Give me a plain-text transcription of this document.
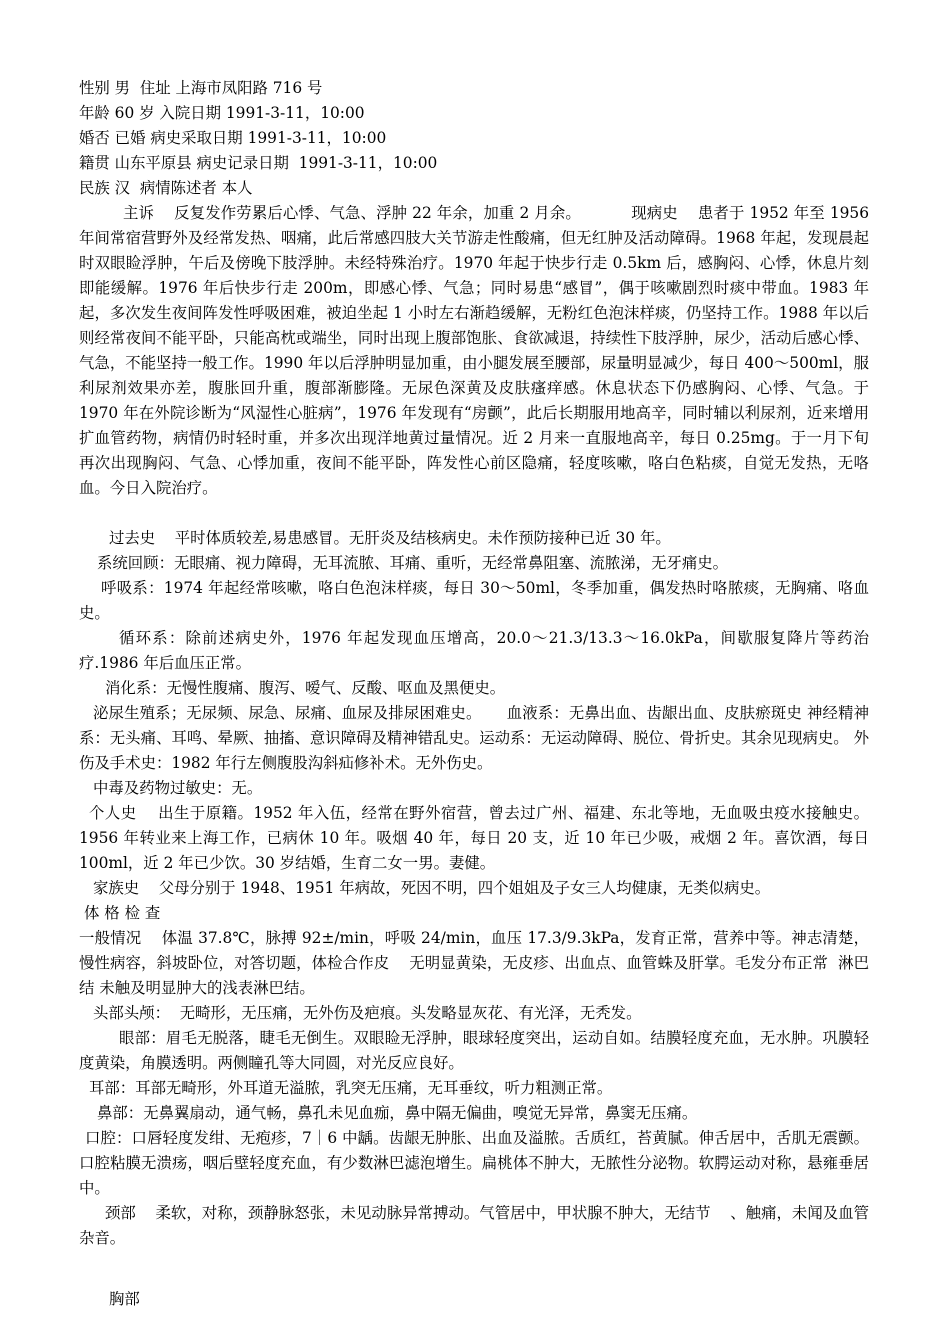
性别 男  住址 上海市凤阳路 716 号
年龄 60 岁 入院日期 1991-3-11，10:00
婚否 已婚 病史采取日期 1991-3-11，10:00
籍贯 山东平原县 病史记录日期  1991-3-11，10:00
民族 汉  病情陈述者 本人
主诉    反复发作劳累后心悸、气急、浮肿 22 年余，加重 2 月余。          现病史    患者于 1952 年至 1956 年间常宿营野外及经常发热、咽痛，此后常感四肢大关节游走性酸痛，但无红肿及活动障碍。1968 年起，发现晨起时双眼睑浮肿，午后及傍晚下肢浮肿。未经特殊治疗。1970 年起于快步行走 0.5km 后，感胸闷、心悸，休息片刻即能缓解。1976 年后快步行走 200m，即感心悸、气急；同时易患“感冒”，偶于咳嗽剧烈时痰中带血。1983 年起，多次发生夜间阵发性呼吸困难，被迫坐起 1 小时左右渐趋缓解，无粉红色泡沫样痰，仍坚持工作。1988 年以后则经常夜间不能平卧，只能高枕或端坐，同时出现上腹部饱胀、食欲减退，持续性下肢浮肿，尿少，活动后感心悸、气急，不能坚持一般工作。1990 年以后浮肿明显加重，由小腿发展至腰部，尿量明显减少，每日 400～500ml，服利尿剂效果亦差，腹胀回升重，腹部渐膨隆。无尿色深黄及皮肤瘙痒感。休息状态下仍感胸闷、心悸、气急。于 1970 年在外院诊断为“风湿性心脏病”，1976 年发现有“房颤”，此后长期服用地高辛，同时辅以利尿剂，近来增用扩血管药物，病情仍时轻时重，并多次出现洋地黄过量情况。近 2 月来一直服地高辛，每日 0.25mg。于一月下旬再次出现胸闷、气急、心悸加重，夜间不能平卧，阵发性心前区隐痛，轻度咳嗽，咯白色粘痰，自觉无发热，无咯血。今日入院治疗。
过去史    平时体质较差,易患感冒。无肝炎及结核病史。未作预防接种已近 30 年。
系统回顾：无眼痛、视力障碍，无耳流脓、耳痛、重听，无经常鼻阻塞、流脓涕，无牙痛史。
呼吸系：1974 年起经常咳嗽，咯白色泡沫样痰，每日 30～50ml，冬季加重，偶发热时咯脓痰，无胸痛、咯血史。
循环系：除前述病史外，1976 年起发现血压增高，20.0～21.3/13.3～16.0kPa，间歇服复降片等药治疗.1986 年后血压正常。
消化系：无慢性腹痛、腹泻、嗳气、反酸、呕血及黑便史。
泌尿生殖系；无尿频、尿急、尿痛、血尿及排尿困难史。     血液系：无鼻出血、齿龈出血、皮肤瘀斑史 神经精神系：无头痛、耳鸣、晕厥、抽搐、意识障碍及精神错乱史。运动系：无运动障碍、脱位、骨折史。其余见现病史。 外伤及手术史：1982 年行左侧腹股沟斜疝修补术。无外伤史。
中毒及药物过敏史：无。
个人史    出生于原籍。1952 年入伍，经常在野外宿营，曾去过广州、福建、东北等地，无血吸虫疫水接触史。1956 年转业来上海工作，已病休 10 年。吸烟 40 年，每日 20 支，近 10 年已少吸，戒烟 2 年。喜饮酒，每日 100ml，近 2 年已少饮。30 岁结婚，生育二女一男。妻健。
家族史    父母分别于 1948、1951 年病故，死因不明，四个姐姐及子女三人均健康，无类似病史。
体 格 检 查
一般情况    体温 37.8℃，脉搏 92±/min，呼吸 24/min，血压 17.3/9.3kPa，发育正常，营养中等。神志清楚，慢性病容，斜坡卧位，对答切题，体检合作皮    无明显黄染，无皮疹、出血点、血管蛛及肝掌。毛发分布正常  淋巴结 未触及明显肿大的浅表淋巴结。
头部头颅：  无畸形，无压痛，无外伤及疤痕。头发略显灰花、有光泽，无秃发。
眼部：眉毛无脱落，睫毛无倒生。双眼睑无浮肿，眼球轻度突出，运动自如。结膜轻度充血，无水肿。巩膜轻度黄染，角膜透明。两侧瞳孔等大同圆，对光反应良好。
耳部：耳部无畸形，外耳道无溢脓，乳突无压痛，无耳垂纹，听力粗测正常。
鼻部：无鼻翼扇动，通气畅，鼻孔未见血痂，鼻中隔无偏曲，嗅觉无异常，鼻窦无压痛。
口腔：口唇轻度发绀、无疱疹，7｜6 中龋。齿龈无肿胀、出血及溢脓。舌质红，苔黄腻。伸舌居中，舌肌无震颤。口腔粘膜无溃疡，咽后壁轻度充血，有少数淋巴滤泡增生。扁桃体不肿大，无脓性分泌物。软腭运动对称，悬雍垂居中。
颈部    柔软，对称，颈静脉怒张，未见动脉异常搏动。气管居中，甲状腺不肿大，无结节    、触痛，未闻及血管杂音。
胸部
